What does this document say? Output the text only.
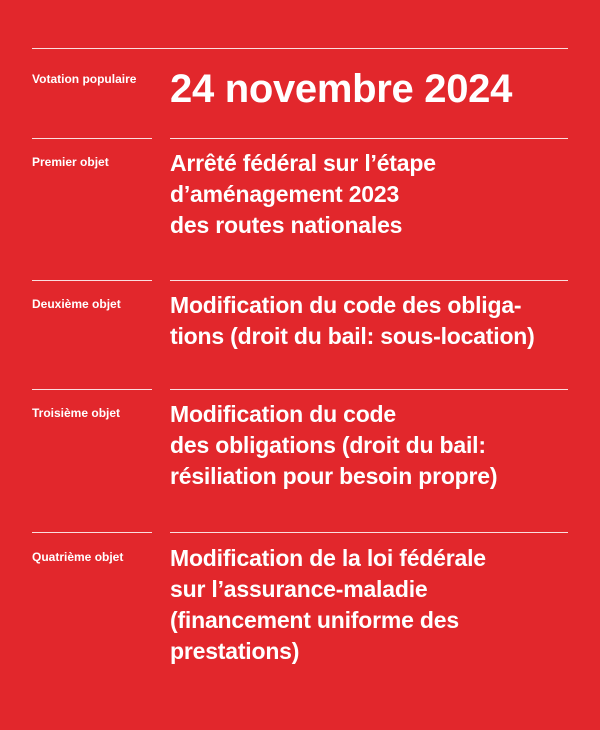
Votation populaire 24 novembre 2024
Premier objet	Arrêté fédéral sur l’étape
d’aménagement 2023
des routes nationales
Deuxième objet	Modification du code des obliga-
tions (droit du bail: sous-location)
Troisième objet	Modification du code
des obligations (droit du bail:
résiliation pour besoin propre)
Quatrième objet	Modification de la loi fédérale
sur l’assurance-maladie
(financement uniforme des
prestations)
